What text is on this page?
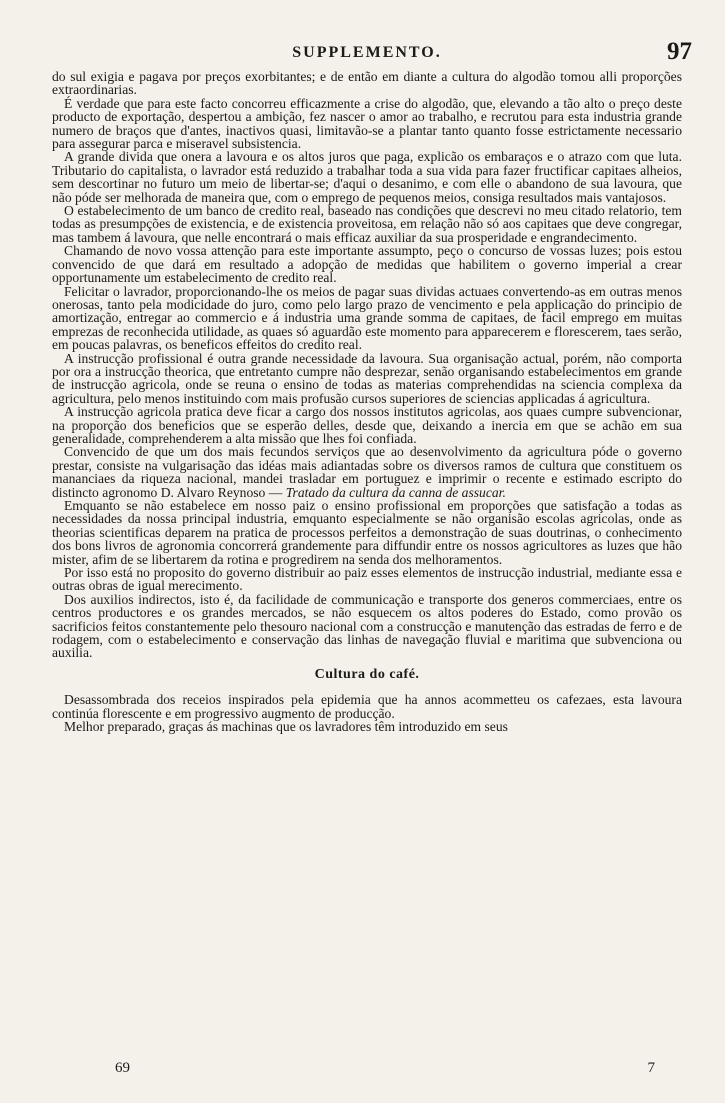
SUPPLEMENTO.	97

do sul exigia e pagava por preços exorbitantes; e de então em diante a cultura do algodão tomou alli proporções extraordinarias.

É verdade que para este facto concorreu efficazmente a crise do algodão, que, elevando a tão alto o preço deste producto de exportação, despertou a ambição, fez nascer o amor ao trabalho, e recrutou para esta industria grande numero de braços que d'antes, inactivos quasi, limitavão-se a plantar tanto quanto fosse estrictamente necessario para assegurar parca e miseravel subsistencia.

A grande divida que onera a lavoura e os altos juros que paga, explicão os embaraços e o atrazo com que luta. Tributario do capitalista, o lavrador está reduzido a trabalhar toda a sua vida para fazer fructificar capitaes alheios, sem descortinar no futuro um meio de libertar-se; d'aqui o desanimo, e com elle o abandono de sua lavoura, que não póde ser melhorada de maneira que, com o emprego de pequenos meios, consiga resultados mais vantajosos.

O estabelecimento de um banco de credito real, baseado nas condições que descrevi no meu citado relatorio, tem todas as presumpções de existencia, e de existencia proveitosa, em relação não só aos capitaes que deve congregar, mas tambem á lavoura, que nelle encontrará o mais efficaz auxiliar da sua prosperidade e engrandecimento.

Chamando de novo vossa attenção para este importante assumpto, peço o concurso de vossas luzes; pois estou convencido de que dará em resultado a adopção de medidas que habilitem o governo imperial a crear opportunamente um estabelecimento de credito real.

Felicitar o lavrador, proporcionando-lhe os meios de pagar suas dividas actuaes convertendo-as em outras menos onerosas, tanto pela modicidade do juro, como pelo largo prazo de vencimento e pela applicação do principio de amortização, entregar ao commercio e á industria uma grande somma de capitaes, de facil emprego em muitas emprezas de reconhecida utilidade, as quaes só aguardão este momento para apparecerem e florescerem, taes serão, em poucas palavras, os beneficos effeitos do credito real.

A instrucção profissional é outra grande necessidade da lavoura. Sua organisação actual, porém, não comporta por ora a instrucção theorica, que entretanto cumpre não desprezar, senão organisando estabelecimentos em grande de instrucção agricola, onde se reuna o ensino de todas as materias comprehendidas na sciencia complexa da agricultura, pelo menos instituindo com mais profusão cursos superiores de sciencias applicadas á agricultura.

A instrucção agricola pratica deve ficar a cargo dos nossos institutos agricolas, aos quaes cumpre subvencionar, na proporção dos beneficios que se esperão delles, desde que, deixando a inercia em que se achão em sua generalidade, comprehenderem a alta missão que lhes foi confiada.

Convencido de que um dos mais fecundos serviços que ao desenvolvimento da agricultura póde o governo prestar, consiste na vulgarisação das idéas mais adiantadas sobre os diversos ramos de cultura que constituem os mananciaes da riqueza nacional, mandei trasladar em portuguez e imprimir o recente e estimado escripto do distincto agronomo D. Alvaro Reynoso — Tratado da cultura da canna de assucar.

Emquanto se não estabelece em nosso paiz o ensino profissional em proporções que satisfação a todas as necessidades da nossa principal industria, emquanto especialmente se não organisão escolas agricolas, onde as theorias scientificas deparem na pratica de processos perfeitos a demonstração de suas doutrinas, o conhecimento dos bons livros de agronomia concorrerá grandemente para diffundir entre os nossos agricultores as luzes que hão mister, afim de se libertarem da rotina e progredirem na senda dos melhoramentos.

Por isso está no proposito do governo distribuir ao paiz esses elementos de instrucção industrial, mediante essa e outras obras de igual merecimento.

Dos auxilios indirectos, isto é, da facilidade de communicação e transporte dos generos commerciaes, entre os centros productores e os grandes mercados, se não esquecem os altos poderes do Estado, como provão os sacrificios feitos constantemente pelo thesouro nacional com a construcção e manutenção das estradas de ferro e de rodagem, com o estabelecimento e conservação das linhas de navegação fluvial e maritima que subvenciona ou auxilia.

Cultura do café.

Desassombrada dos receios inspirados pela epidemia que ha annos acommetteu os cafezaes, esta lavoura continúa florescente e em progressivo augmento de producção.

Melhor preparado, graças ás machinas que os lavradores têm introduzido em seus

69	7
